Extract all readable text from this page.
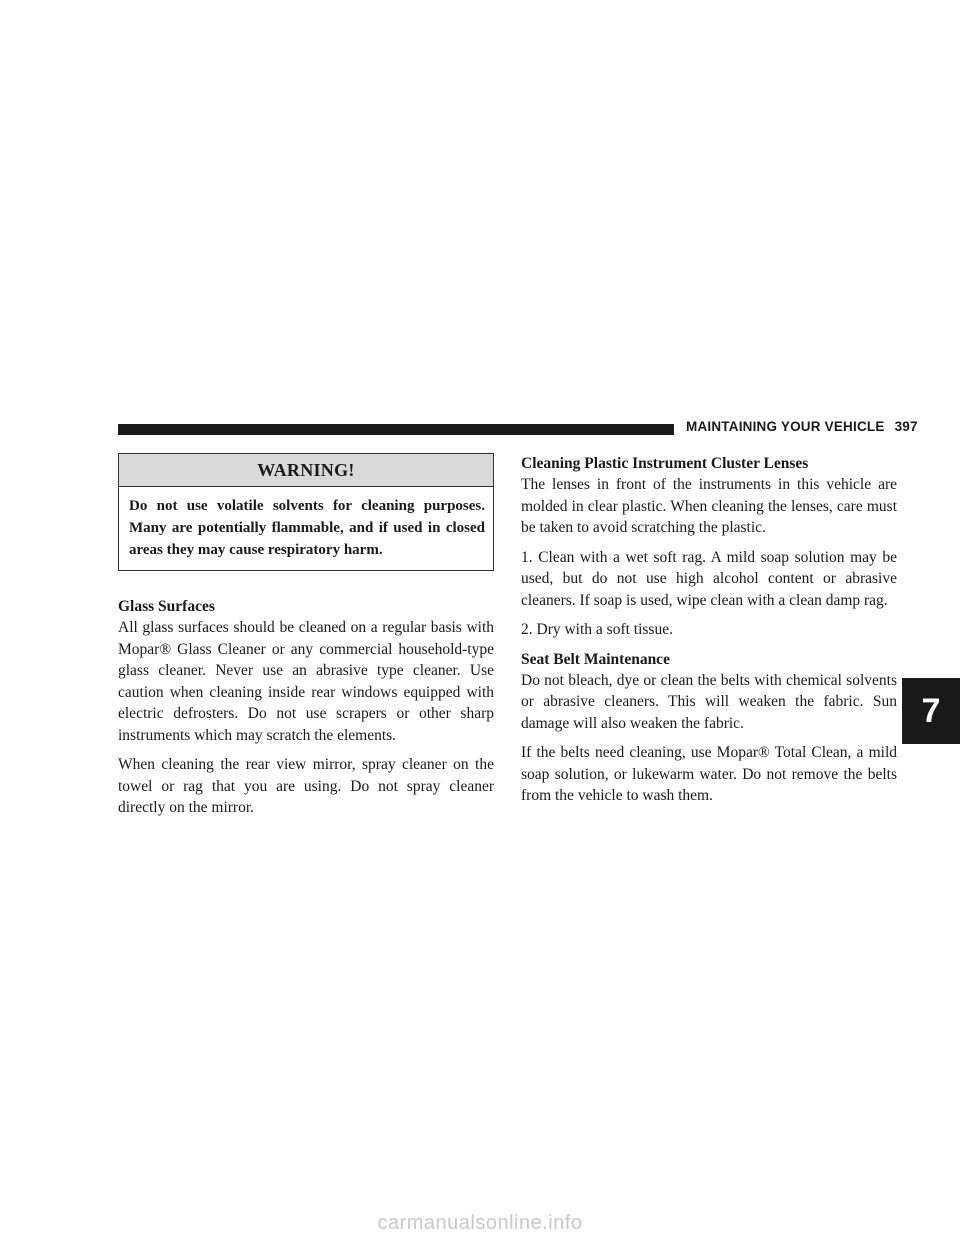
MAINTAINING YOUR VEHICLE 397
WARNING!
Do not use volatile solvents for cleaning purposes. Many are potentially flammable, and if used in closed areas they may cause respiratory harm.
Glass Surfaces

All glass surfaces should be cleaned on a regular basis with Mopar® Glass Cleaner or any commercial household-type glass cleaner. Never use an abrasive type cleaner. Use caution when cleaning inside rear windows equipped with electric defrosters. Do not use scrapers or other sharp instruments which may scratch the elements.

When cleaning the rear view mirror, spray cleaner on the towel or rag that you are using. Do not spray cleaner directly on the mirror.

Cleaning Plastic Instrument Cluster Lenses

The lenses in front of the instruments in this vehicle are molded in clear plastic. When cleaning the lenses, care must be taken to avoid scratching the plastic.

1. Clean with a wet soft rag. A mild soap solution may be used, but do not use high alcohol content or abrasive cleaners. If soap is used, wipe clean with a clean damp rag.

2. Dry with a soft tissue.

Seat Belt Maintenance

Do not bleach, dye or clean the belts with chemical solvents or abrasive cleaners. This will weaken the fabric. Sun damage will also weaken the fabric.

If the belts need cleaning, use Mopar® Total Clean, a mild soap solution, or lukewarm water. Do not remove the belts from the vehicle to wash them.

7
carmanualsonline.info
